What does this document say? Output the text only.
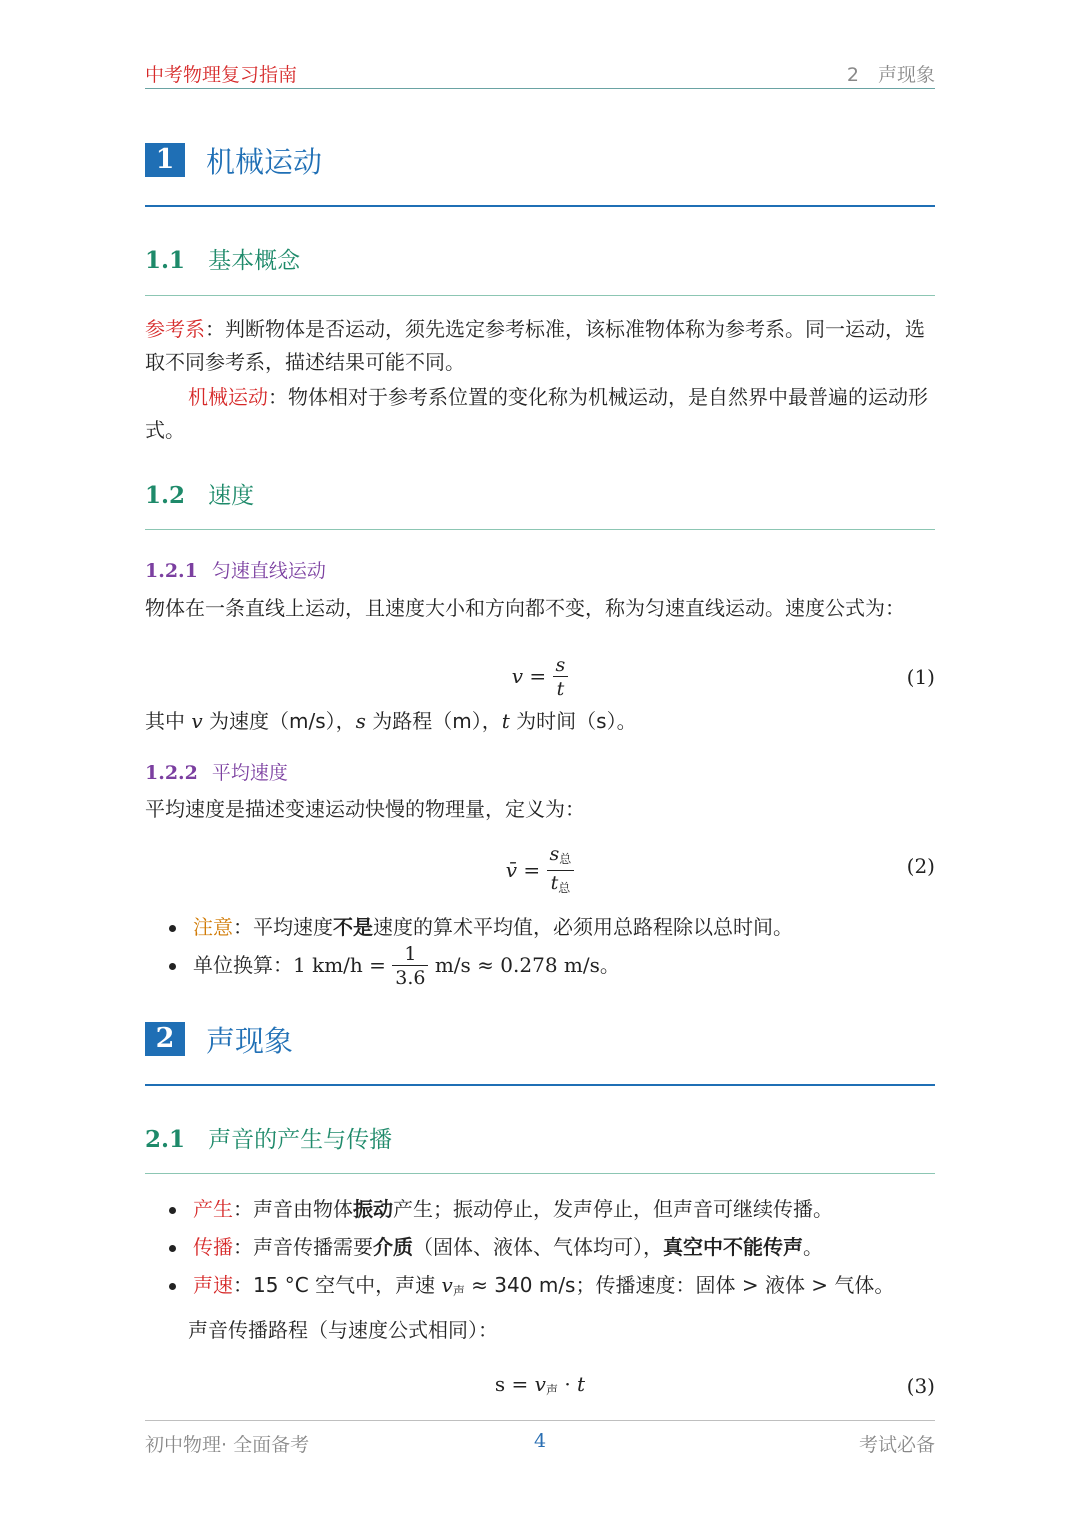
中考物理复习指南	2　声现象
1	机械运动
1.1 基本概念
参考系：判断物体是否运动，须先选定参考标准，该标准物体称为参考系。同一运动，选取不同参考系，描述结果可能不同。
机械运动：物体相对于参考系位置的变化称为机械运动，是自然界中最普遍的运动形式。
1.2 速度
1.2.1 匀速直线运动
物体在一条直线上运动，且速度大小和方向都不变，称为匀速直线运动。速度公式为：
$v = \frac{s}{t}$	(1)
其中 v 为速度（m/s），s 为路程（m），t 为时间（s）。
1.2.2 平均速度
平均速度是描述变速运动快慢的物理量，定义为：
v̄ = $\frac{\text{s总}}{\text{t总}}$	(2)
注意：平均速度不是速度的算术平均值，必须用总路程除以总时间。
单位换算：1 $km/h = \frac{1}{3.6} m/s \approx 0.278$ m/s。
2	声现象
2.1 声音的产生与传播
产生：声音由物体振动产生；振动停止，发声停止，但声音可继续传播。
传播：声音传播需要介质（固体、液体、气体均可），真空中不能传声。
声速：15 °C 空气中，声速 v声 ≈ 340 m/s；传播速度：固体 > 液体 > 气体。
声音传播路程（与速度公式相同）：
s = v声 · t	(3)
初中物理· 全面备考	4	考试必备
